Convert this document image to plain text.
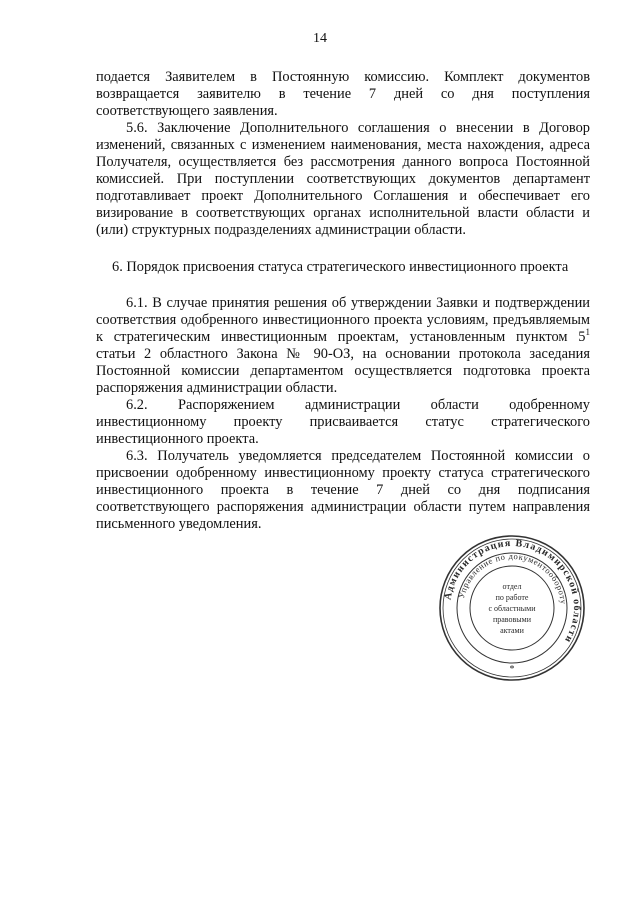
14

подается Заявителем в Постоянную комиссию. Комплект документов возвращается заявителю в течение 7 дней со дня поступления соответствующего заявления.

5.6. Заключение Дополнительного соглашения о внесении в Договор изменений, связанных с изменением наименования, места нахождения, адреса Получателя, осуществляется без рассмотрения данного вопроса Постоянной комиссией. При поступлении соответствующих документов департамент подготавливает проект Дополнительного Соглашения и обеспечивает его визирование в соответствующих органах исполнительной власти области и (или) структурных подразделениях администрации области.

6. Порядок присвоения статуса стратегического инвестиционного проекта

6.1. В случае принятия решения об утверждении Заявки и подтверждении соответствия одобренного инвестиционного проекта условиям, предъявляемым к стратегическим инвестиционным проектам, установленным пунктом $5^1$ статьи 2 областного Закона № 90-ОЗ, на основании протокола заседания Постоянной комиссии департаментом осуществляется подготовка проекта распоряжения администрации области.

6.2. Распоряжением администрации области одобренному инвестиционному проекту присваивается статус стратегического инвестиционного проекта.

6.3. Получатель уведомляется председателем Постоянной комиссии о присвоении одобренному инвестиционному проекту статуса стратегического инвестиционного проекта в течение 7 дней со дня подписания соответствующего распоряжения администрации области путем направления письменного уведомления.

Администрация Владимирской области
Управление по документообороту
отдел
по работе
с областными
правовыми
актами
*
